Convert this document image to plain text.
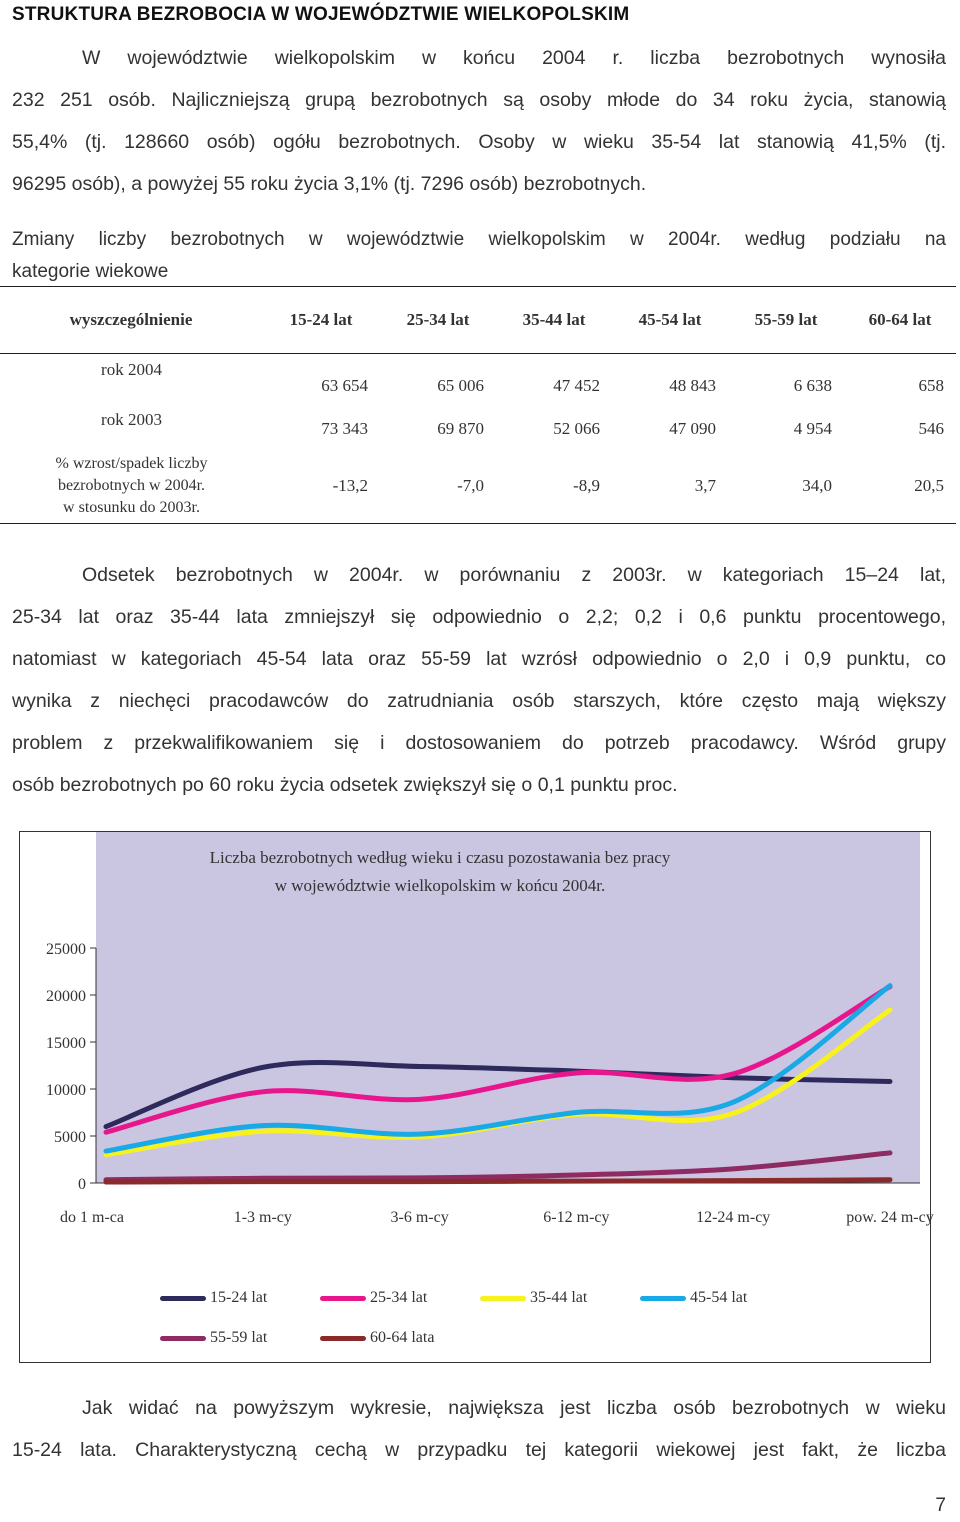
STRUKTURA BEZROBOCIA W WOJEWÓDZTWIE WIELKOPOLSKIM
W województwie wielkopolskim w końcu 2004 r. liczba bezrobotnych wynosiła
232 251 osób. Najliczniejszą grupą bezrobotnych są osoby młode do 34 roku życia, stanowią
55,4% (tj. 128660 osób) ogółu bezrobotnych. Osoby w wieku 35-54 lat stanowią 41,5% (tj.
96295 osób), a powyżej 55 roku życia 3,1% (tj. 7296 osób) bezrobotnych.
Zmiany liczby bezrobotnych w województwie wielkopolskim w 2004r. według podziału na
kategorie wiekowe
wyszczególnienie	15-24 lat	25-34 lat	35-44 lat	45-54 lat	55-59 lat	60-64 lat
rok 2004	63 654	65 006	47 452	48 843	6 638	658
rok 2003	73 343	69 870	52 066	47 090	4 954	546

% wzrost/spadek liczby
bezrobotnych w 2004r.
w stosunku do 2003r.	-13,2	-7,0	-8,9	3,7	34,0	20,5
Odsetek bezrobotnych w 2004r. w porównaniu z 2003r. w kategoriach 15–24 lat,
25-34 lat oraz 35-44 lata zmniejszył się odpowiednio o 2,2; 0,2 i 0,6 punktu procentowego,
natomiast w kategoriach 45-54 lata oraz 55-59 lat wzrósł odpowiednio o 2,0 i 0,9 punktu, co
wynika z niechęci pracodawców do zatrudniania osób starszych, które często mają większy
problem z przekwalifikowaniem się i dostosowaniem do potrzeb pracodawcy. Wśród grupy
osób bezrobotnych po 60 roku życia odsetek zwiększył się o 0,1 punktu proc.
25000
20000
15000
10000
5000
0
do 1 m-ca	1-3 m-cy	3-6 m-cy	6-12 m-cy	12-24 m-cy	pow. 24 m-cy
Liczba bezrobotnych według wieku i czasu pozostawania bez pracy
w województwie wielkopolskim w końcu 2004r.
15-24 lat	25-34 lat	35-44 lat	45-54 lat
55-59 lat	60-64 lata
Jak widać na powyższym wykresie, największa jest liczba osób bezrobotnych w wieku
15-24 lata. Charakterystyczną cechą w przypadku tej kategorii wiekowej jest fakt, że liczba
7
